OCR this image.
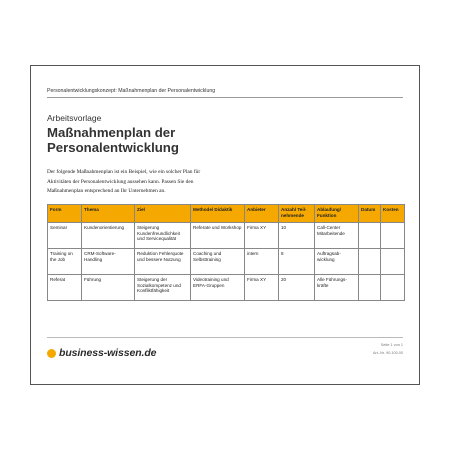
Personalentwicklungskonzept: Maßnahmenplan der Personalentwicklung
Arbeitsvorlage
Maßnahmenplan der
Personalentwicklung
Der folgende Maßnahmenplan ist ein Beispiel, wie ein solcher Plan für
Aktivitäten der Personalentwicklung aussehen kann. Passen Sie den
Maßnahmenplan entsprechend an Ihr Unternehmen an.
Form	Thema	Ziel	Methode/ Didaktik	Anbieter	Anzahl Teil-nehmende	Ablaufung/ Funktion	Datum	Kosten
Seminar	Kundenorientierung	Steigerung Kundenfreundlichkeit und Servicequalität	Referate und Workshop	Firma XY	10	Call-Center Mitarbeitende		
Training on the Job	CRM-Software-Handling	Reduktion Fehlerquote und bessere Nutzung	Coaching und Selbsttraining	intern	8	Auftragsab-wicklung		
Referat	Führung	Steigerung der Sozialkompetenz und Konfliktfähigkeit	Videotraining und ERFA-Gruppen	Firma XY	20	Alle Führungs-kräfte		
Seite 1 von 1
Art.-Nr. 90.100.00
business-wissen.de
